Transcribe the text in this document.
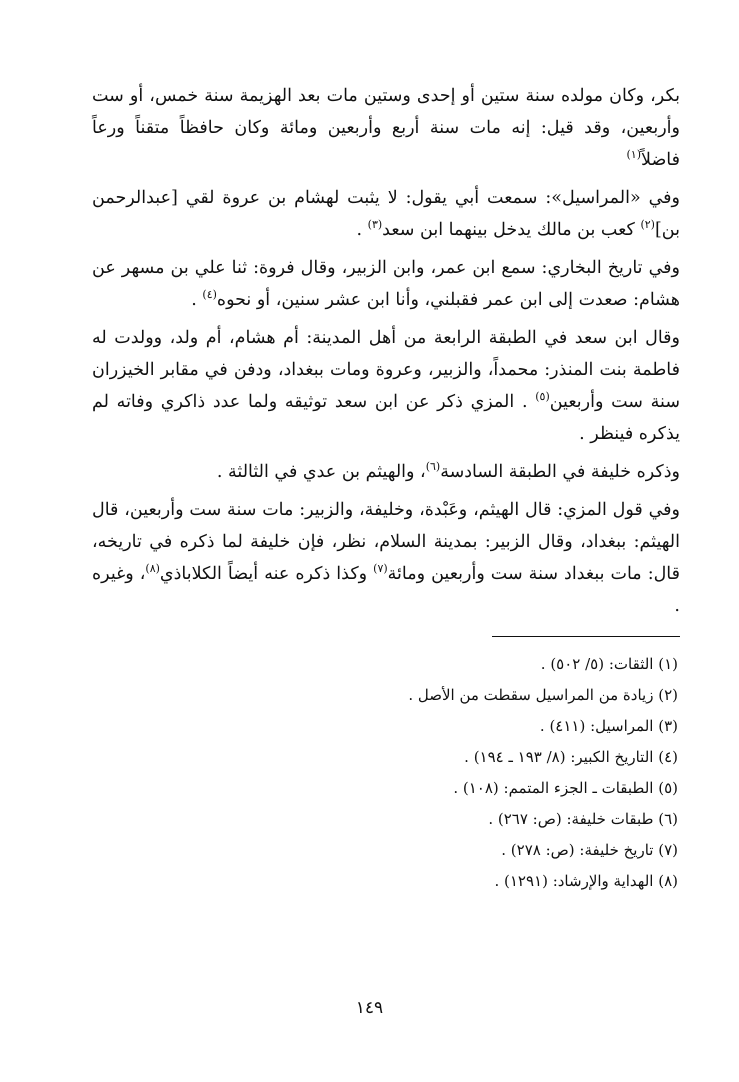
بكر، وكان مولده سنة ستين أو إحدى وستين مات بعد الهزيمة سنة خمس، أو ست وأربعين، وقد قيل: إنه مات سنة أربع وأربعين ومائة وكان حافظاً متقناً ورعاً فاضلاً$^{(١)}$

وفي «المراسيل»: سمعت أبي يقول: لا يثبت لهشام بن عروة لقي [عبدالرحمن بن]$^{(٢)}$ كعب بن مالك يدخل بينهما ابن سعد$^{(٣)}$ .

وفي تاريخ البخاري: سمع ابن عمر، وابن الزبير، وقال فروة: ثنا علي بن مسهر عن هشام: صعدت إلى ابن عمر فقبلني، وأنا ابن عشر سنين، أو نحوه$^{(٤)}$ .

وقال ابن سعد في الطبقة الرابعة من أهل المدينة: أم هشام، أم ولد، وولدت له فاطمة بنت المنذر: محمداً، والزبير، وعروة ومات ببغداد، ودفن في مقابر الخيزران سنة ست وأربعين$^{(٥)}$ . المزي ذكر عن ابن سعد توثيقه ولما عدد ذاكري وفاته لم يذكره فينظر .

وذكره خليفة في الطبقة السادسة$^{(٦)}$، والهيثم بن عدي في الثالثة .

وفي قول المزي: قال الهيثم، وعَبْدة، وخليفة، والزبير: مات سنة ست وأربعين، قال الهيثم: ببغداد، وقال الزبير: بمدينة السلام، نظر، فإن خليفة لما ذكره في تاريخه، قال: مات ببغداد سنة ست وأربعين ومائة$^{(٧)}$ وكذا ذكره عنه أيضاً الكلاباذي$^{(٨)}$، وغيره .

(١) الثقات: (٥/ ٥٠٢) .
(٢) زيادة من المراسيل سقطت من الأصل .
(٣) المراسيل: (٤١١) .
(٤) التاريخ الكبير: (٨/ ١٩٣ ـ ١٩٤) .
(٥) الطبقات ـ الجزء المتمم: (١٠٨) .
(٦) طبقات خليفة: (ص: ٢٦٧) .
(٧) تاريخ خليفة: (ص: ٢٧٨) .
(٨) الهداية والإرشاد: (١٢٩١) .
١٤٩
